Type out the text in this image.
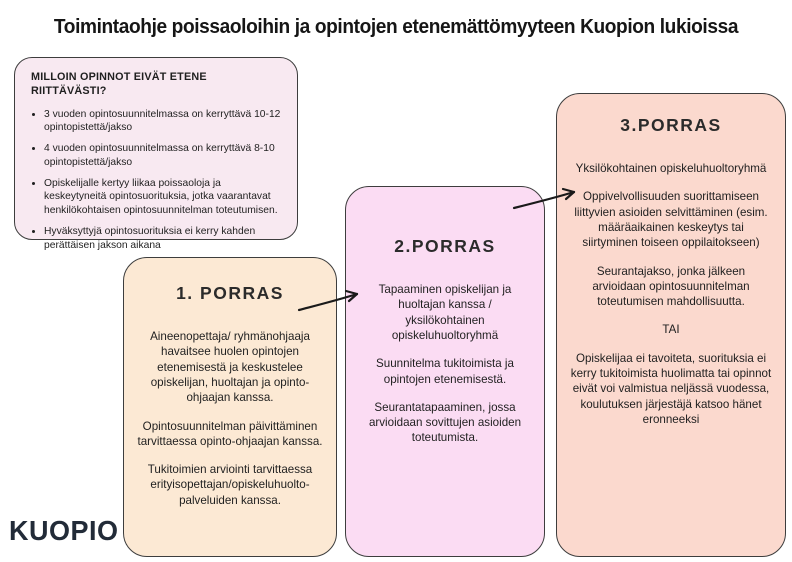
Toimintaohje poissaoloihin ja opintojen etenemättömyyteen Kuopion lukioissa
MILLOIN OPINNOT EIVÄT ETENE RIITTÄVÄSTI?
• 3 vuoden opintosuunnitelmassa on kerryttävä 10-12 opintopistettä/jakso
• 4 vuoden opintosuunnitelmassa on kerryttävä 8-10 opintopistettä/jakso
• Opiskelijalle kertyy liikaa poissaoloja ja keskeytyneitä opintosuorituksia, jotka vaarantavat henkilökohtaisen opintosuunnitelman toteutumisen.
• Hyväksyttyjä opintosuorituksia ei kerry kahden perättäisen jakson aikana
1. PORRAS

Aineenopettaja/ ryhmänohjaaja havaitsee huolen opintojen etenemisestä ja keskustelee opiskelijan, huoltajan ja opinto-ohjaajan kanssa.

Opintosuunnitelman päivittäminen tarvittaessa opinto-ohjaajan kanssa.

Tukitoimien arviointi tarvittaessa erityisopettajan/opiskeluhuolto- palveluiden kanssa.

2.PORRAS

Tapaaminen opiskelijan ja huoltajan kanssa / yksilökohtainen opiskeluhuoltoryhmä

Suunnitelma tukitoimista ja opintojen etenemisestä.

Seurantatapaaminen, jossa arvioidaan sovittujen asioiden toteutumista.

3.PORRAS

Yksilökohtainen opiskeluhuoltoryhmä

Oppivelvollisuuden suorittamiseen liittyvien asioiden selvittäminen (esim. määräaikainen keskeytys tai siirtyminen toiseen oppilaitokseen)

Seurantajakso, jonka jälkeen arvioidaan opintosuunnitelman toteutumisen mahdollisuutta.

TAI

Opiskelijaa ei tavoiteta, suorituksia ei kerry tukitoimista huolimatta tai opinnot eivät voi valmistua neljässä vuodessa, koulutuksen järjestäjä katsoo hänet eronneeksi

KUOPIO
